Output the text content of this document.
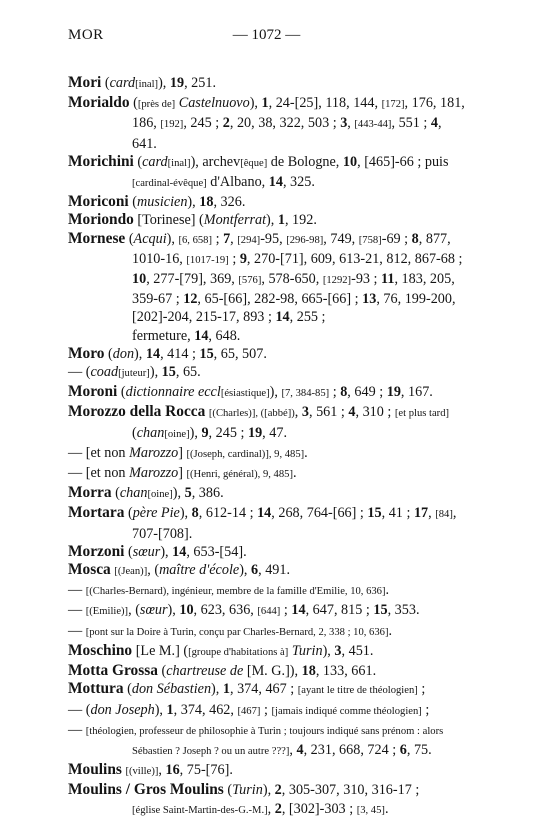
MOR	— 1072 —
Mori (card[inal]), 19, 251.
Morialdo ([près de] Castelnuovo), 1, 24-[25], 118, 144, [172], 176, 181, 186, [192], 245 ; 2, 20, 38, 322, 503 ; 3, [443-44], 551 ; 4, 641.
Morichini (card[inal]), archev[êque] de Bologne, 10, [465]-66 ; puis [cardinal-évêque] d'Albano, 14, 325.
Moriconi (musicien), 18, 326.
Moriondo [Torinese] (Montferrat), 1, 192.
Mornese (Acqui), [6, 658] ; 7, [294]-95, [296-98], 749, [758]-69 ; 8, 877, 1010-16, [1017-19] ; 9, 270-[71], 609, 613-21, 812, 867-68 ; 10, 277-[79], 369, [576], 578-650, [1292]-93 ; 11, 183, 205, 359-67 ; 12, 65-[66], 282-98, 665-[66] ; 13, 76, 199-200, [202]-204, 215-17, 893 ; 14, 255 ;
fermeture, 14, 648.
Moro (don), 14, 414 ; 15, 65, 507.
— (coad[juteur]), 15, 65.
Moroni (dictionnaire eccl[ésiastique]), [7, 384-85] ; 8, 649 ; 19, 167.
Morozzo della Rocca [(Charles)], ([abbé]), 3, 561 ; 4, 310 ; [et plus tard] (chan[oine]), 9, 245 ; 19, 47.
— [et non Marozzo] [(Joseph, cardinal)], 9, 485].
— [et non Marozzo] [(Henri, général), 9, 485].
Morra (chan[oine]), 5, 386.
Mortara (père Pie), 8, 612-14 ; 14, 268, 764-[66] ; 15, 41 ; 17, [84], 707-[708].
Morzoni (sœur), 14, 653-[54].
Mosca [(Jean)], (maître d'école), 6, 491.
— [(Charles-Bernard), ingénieur, membre de la famille d'Emilie, 10, 636].
— [(Emilie)], (sœur), 10, 623, 636, [644] ; 14, 647, 815 ; 15, 353.
— [pont sur la Doire à Turin, conçu par Charles-Bernard, 2, 338 ; 10, 636].
Moschino [Le M.] ([groupe d'habitations à] Turin), 3, 451.
Motta Grossa (chartreuse de [M. G.]), 18, 133, 661.
Mottura (don Sébastien), 1, 374, 467 ; [ayant le titre de théologien] ;
— (don Joseph), 1, 374, 462, [467] ; [jamais indiqué comme théologien] ;
— [théologien, professeur de philosophie à Turin ; toujours indiqué sans prénom : alors Sébastien ? Joseph ? ou un autre ???], 4, 231, 668, 724 ; 6, 75.
Moulins [(ville)], 16, 75-[76].
Moulins / Gros Moulins (Turin), 2, 305-307, 310, 316-17 ;
[église Saint-Martin-des-G.-M.], 2, [302]-303 ; [3, 45].
